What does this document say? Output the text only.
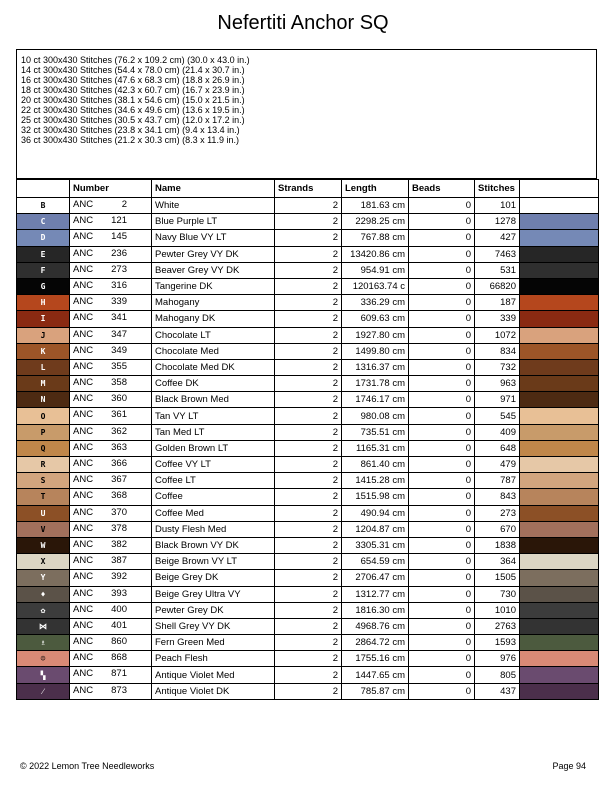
Nefertiti Anchor SQ
10 ct 300x430 Stitches (76.2 x 109.2 cm) (30.0 x 43.0 in.)
14 ct 300x430 Stitches (54.4 x 78.0 cm) (21.4 x 30.7 in.)
16 ct 300x430 Stitches (47.6 x 68.3 cm) (18.8 x 26.9 in.)
18 ct 300x430 Stitches (42.3 x 60.7 cm) (16.7 x 23.9 in.)
20 ct 300x430 Stitches (38.1 x 54.6 cm) (15.0 x 21.5 in.)
22 ct 300x430 Stitches (34.6 x 49.6 cm) (13.6 x 19.5 in.)
25 ct 300x430 Stitches (30.5 x 43.7 cm) (12.0 x 17.2 in.)
32 ct 300x430 Stitches (23.8 x 34.1 cm) (9.4 x 13.4 in.)
36 ct 300x430 Stitches (21.2 x 30.3 cm) (8.3 x 11.9 in.)
	Number	Name	Strands	Length	Beads	Stitches	
B	ANC 2	White	2	181.63 cm	0	101	
C	ANC 121	Blue Purple LT	2	2298.25 cm	0	1278	
D	ANC 145	Navy Blue VY LT	2	767.88 cm	0	427	
E	ANC 236	Pewter Grey VY DK	2	13420.86 cm	0	7463	
F	ANC 273	Beaver Grey VY DK	2	954.91 cm	0	531	
G	ANC 316	Tangerine DK	2	120163.74 c	0	66820	
H	ANC 339	Mahogany	2	336.29 cm	0	187	
I	ANC 341	Mahogany DK	2	609.63 cm	0	339	
J	ANC 347	Chocolate LT	2	1927.80 cm	0	1072	
K	ANC 349	Chocolate Med	2	1499.80 cm	0	834	
L	ANC 355	Chocolate Med DK	2	1316.37 cm	0	732	
M	ANC 358	Coffee DK	2	1731.78 cm	0	963	
N	ANC 360	Black Brown Med	2	1746.17 cm	0	971	
O	ANC 361	Tan VY LT	2	980.08 cm	0	545	
P	ANC 362	Tan Med LT	2	735.51 cm	0	409	
Q	ANC 363	Golden Brown LT	2	1165.31 cm	0	648	
R	ANC 366	Coffee VY LT	2	861.40 cm	0	479	
S	ANC 367	Coffee LT	2	1415.28 cm	0	787	
T	ANC 368	Coffee	2	1515.98 cm	0	843	
U	ANC 370	Coffee Med	2	490.94 cm	0	273	
V	ANC 378	Dusty Flesh Med	2	1204.87 cm	0	670	
W	ANC 382	Black Brown VY DK	2	3305.31 cm	0	1838	
X	ANC 387	Beige Brown VY LT	2	654.59 cm	0	364	
Y	ANC 392	Beige Grey DK	2	2706.47 cm	0	1505	
♦	ANC 393	Beige Grey Ultra VY	2	1312.77 cm	0	730	
✿	ANC 400	Pewter Grey DK	2	1816.30 cm	0	1010	
⋈	ANC 401	Shell Grey VY DK	2	4968.76 cm	0	2763	
♗	ANC 860	Fern Green Med	2	2864.72 cm	0	1593	
☺	ANC 868	Peach Flesh	2	1755.16 cm	0	976	
▚	ANC 871	Antique Violet Med	2	1447.65 cm	0	805	
⁄	ANC 873	Antique Violet DK	2	785.87 cm	0	437	
© 2022 Lemon Tree Needleworks	Page 94
